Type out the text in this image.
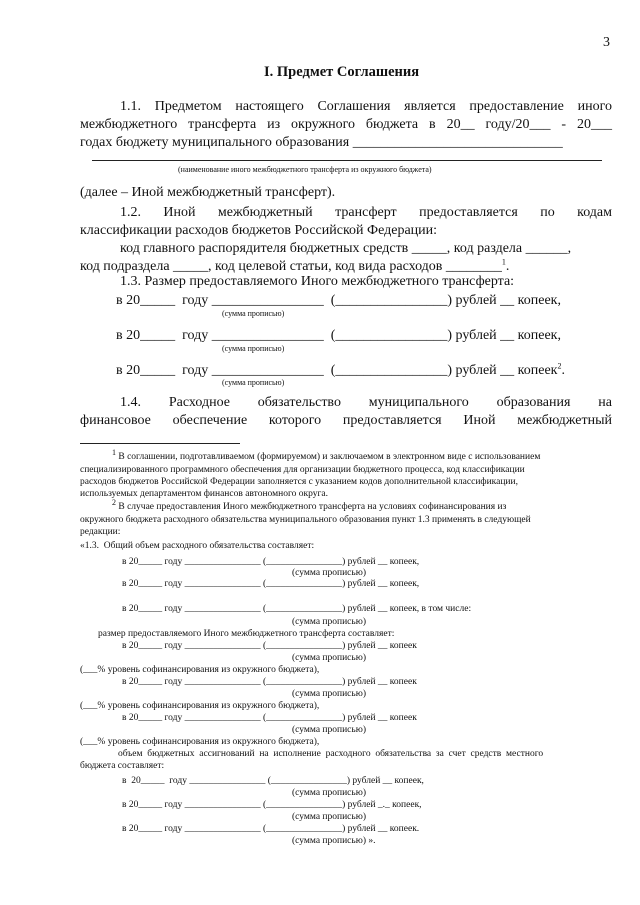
3
I. Предмет Соглашения
1.1. Предметом настоящего Соглашения является предоставление иного
межбюджетного трансферта из окружного бюджета в 20__ году/20___ - 20___
годах бюджету муниципального образования ______________________________
(наименование иного межбюджетного трансферта из окружного бюджета)
(далее – Иной межбюджетный трансферт).
1.2. Иной межбюджетный трансферт предоставляется по кодам
классификации расходов бюджетов Российской Федерации:
код главного распорядителя бюджетных средств _____, код раздела ______,
код подраздела _____, код целевой статьи, код вида расходов ________$^1$.
1.3. Размер предоставляемого Иного межбюджетного трансферта:
в 20_____  году ________________  (________________) рублей __ копеек,
(сумма прописью)
в 20_____  году ________________  (________________) рублей __ копеек,
(сумма прописью)
в 20_____  году ________________  (________________) рублей __ копеек$^2$.
(сумма прописью)
1.4. Расходное обязательство муниципального образования на
финансовое обеспечение которого предоставляется Иной межбюджетный
$^1$ В соглашении, подготавливаемом (формируемом) и заключаемом в электронном виде с использованием
специализированного программного обеспечения для организации бюджетного процесса, код классификации
расходов бюджетов Российской Федерации заполняется с указанием кодов дополнительной классификации,
используемых департаментом финансов автономного округа.
$^2$ В случае предоставления Иного межбюджетного трансферта на условиях софинансирования из
окружного бюджета расходного обязательства муниципального образования пункт 1.3 применять в следующей
редакции:
«1.3.  Общий объем расходного обязательства составляет:
в 20_____ году ________________ (________________) рублей __ копеек,
(сумма прописью)
в 20_____ году ________________ (________________) рублей __ копеек,
в 20_____ году ________________ (________________) рублей __ копеек, в том числе:
(сумма прописью)
размер предоставляемого Иного межбюджетного трансферта составляет:
в 20_____ году ________________ (________________) рублей __ копеек
(сумма прописью)
(___% уровень софинансирования из окружного бюджета),
в 20_____ году ________________ (________________) рублей __ копеек
(сумма прописью)
(___% уровень софинансирования из окружного бюджета),
в 20_____ году ________________ (________________) рублей __ копеек
(сумма прописью)
(___% уровень софинансирования из окружного бюджета),
объем  бюджетных  ассигнований  на  исполнение  расходного  обязательства  за  счет  средств  местного
бюджета составляет:
в  20_____  году ________________ (________________) рублей __ копеек,
(сумма прописью)
в 20_____ году ________________ (________________) рублей _._ копеек,
(сумма прописью)
в 20_____ году ________________ (________________) рублей __ копеек.
(сумма прописью) ».
